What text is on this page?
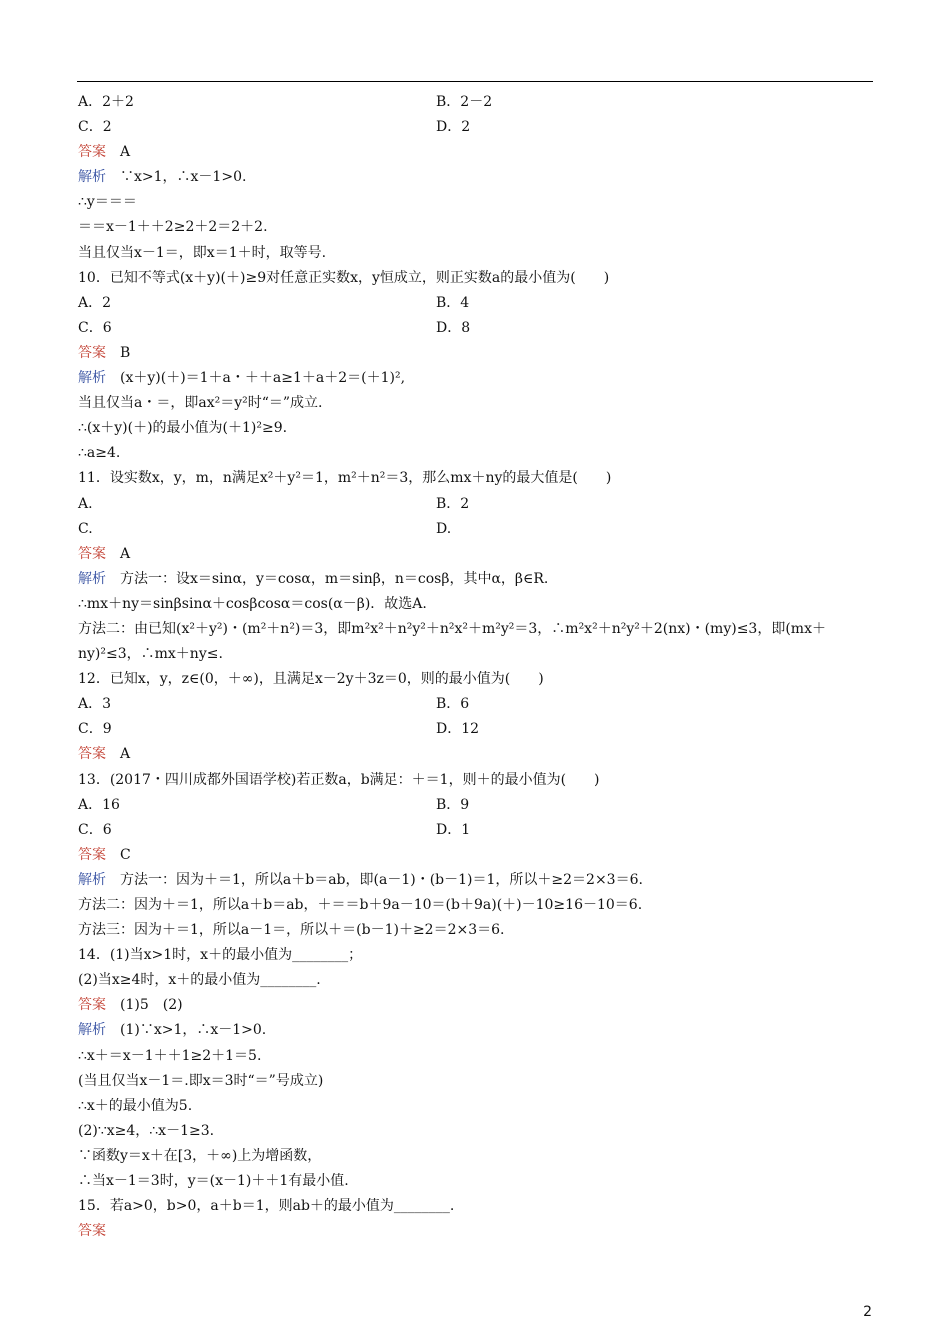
A．2＋2	B．2－2
C．2	D．2
答案　A
解析　∵x>1，∴x－1>0.
∴y＝＝＝
＝＝x－1＋＋2≥2＋2＝2＋2.
当且仅当x－1＝，即x＝1＋时，取等号.
10．已知不等式(x＋y)(＋)≥9对任意正实数x，y恒成立，则正实数a的最小值为(　　)
A．2	B．4
C．6	D．8
答案　B
解析　(x＋y)(＋)＝1＋a・＋＋a≥1＋a＋2＝(＋1)²,
当且仅当a・＝，即ax²＝y²时“＝”成立.
∴(x＋y)(＋)的最小值为(＋1)²≥9.
∴a≥4.
11．设实数x，y，m，n满足x²＋y²＝1，m²＋n²＝3，那么mx＋ny的最大值是(　　)
A.	B．2
C.	D.
答案　A
解析　方法一：设x＝sinα，y＝cosα，m＝sinβ，n＝cosβ，其中α，β∈R.
∴mx＋ny＝sinβsinα＋cosβcosα＝cos(α－β)．故选A.
方法二：由已知(x²＋y²)・(m²＋n²)＝3，即m²x²＋n²y²＋n²x²＋m²y²＝3，∴m²x²＋n²y²＋2(nx)・(my)≤3，即(mx＋ny)²≤3，∴mx＋ny≤.
12．已知x，y，z∈(0，＋∞)，且满足x－2y＋3z＝0，则的最小值为(　　)
A．3	B．6
C．9	D．12
答案　A
13．(2017・四川成都外国语学校)若正数a，b满足：＋＝1，则＋的最小值为(　　)
A．16	B．9
C．6	D．1
答案　C
解析　方法一：因为＋＝1，所以a＋b＝ab，即(a－1)・(b－1)＝1，所以＋≥2＝2×3＝6.
方法二：因为＋＝1，所以a＋b＝ab，＋＝＝b＋9a－10＝(b＋9a)(＋)－10≥16－10＝6.
方法三：因为＋＝1，所以a－1＝，所以＋＝(b－1)＋≥2＝2×3＝6.
14．(1)当x>1时，x＋的最小值为________；
(2)当x≥4时，x＋的最小值为________.
答案　(1)5　(2)
解析　(1)∵x>1，∴x－1>0.
∴x＋＝x－1＋＋1≥2＋1＝5.
(当且仅当x－1＝.即x＝3时“＝”号成立)
∴x＋的最小值为5.
(2)∵x≥4，∴x－1≥3.
∵函数y＝x＋在[3，＋∞)上为增函数，
∴当x－1＝3时，y＝(x－1)＋＋1有最小值.
15．若a>0，b>0，a＋b＝1，则ab＋的最小值为________.
答案
2
